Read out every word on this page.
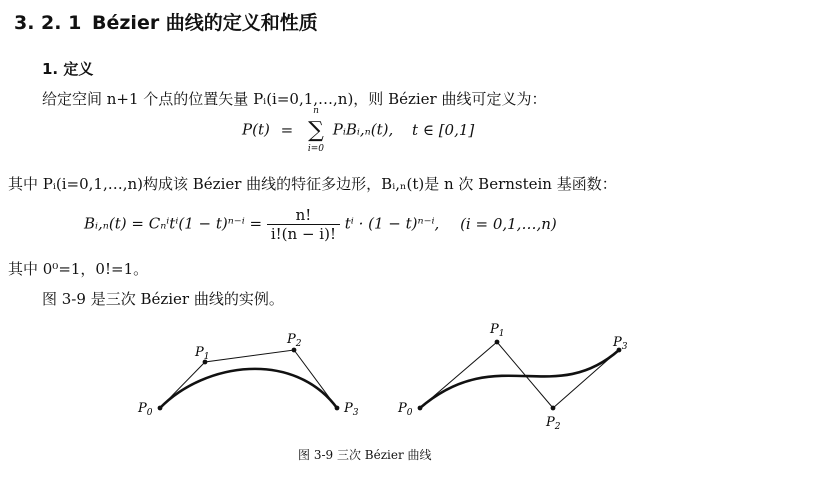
3. 2. 1 Bézier 曲线的定义和性质
1. 定义
给定空间 n+1 个点的位置矢量 Pᵢ(i=0,1,…,n)，则 Bézier 曲线可定义为：
P(t) =
n
∑
i=0
PᵢBᵢ,ₙ(t), t ∈ [0,1]
其中 Pᵢ(i=0,1,…,n)构成该 Bézier 曲线的特征多边形，Bᵢ,ₙ(t)是 n 次 Bernstein 基函数：
Bᵢ,ₙ(t) = $C_n^it^i(1 - t)^{n-i} = \frac{n!}{i!(n - i)!}$ tⁱ · (1 − t)ⁿ⁻ⁱ, (i = 0,1,…,n)
其中 0⁰=1，0!=1。
图 3-9 是三次 Bézier 曲线的实例。
$P_0$
$P_1$
$P_2$
$P_3$	$P_0$
$P_1$
$P_2$
$P_3$
图 3-9 三次 Bézier 曲线
